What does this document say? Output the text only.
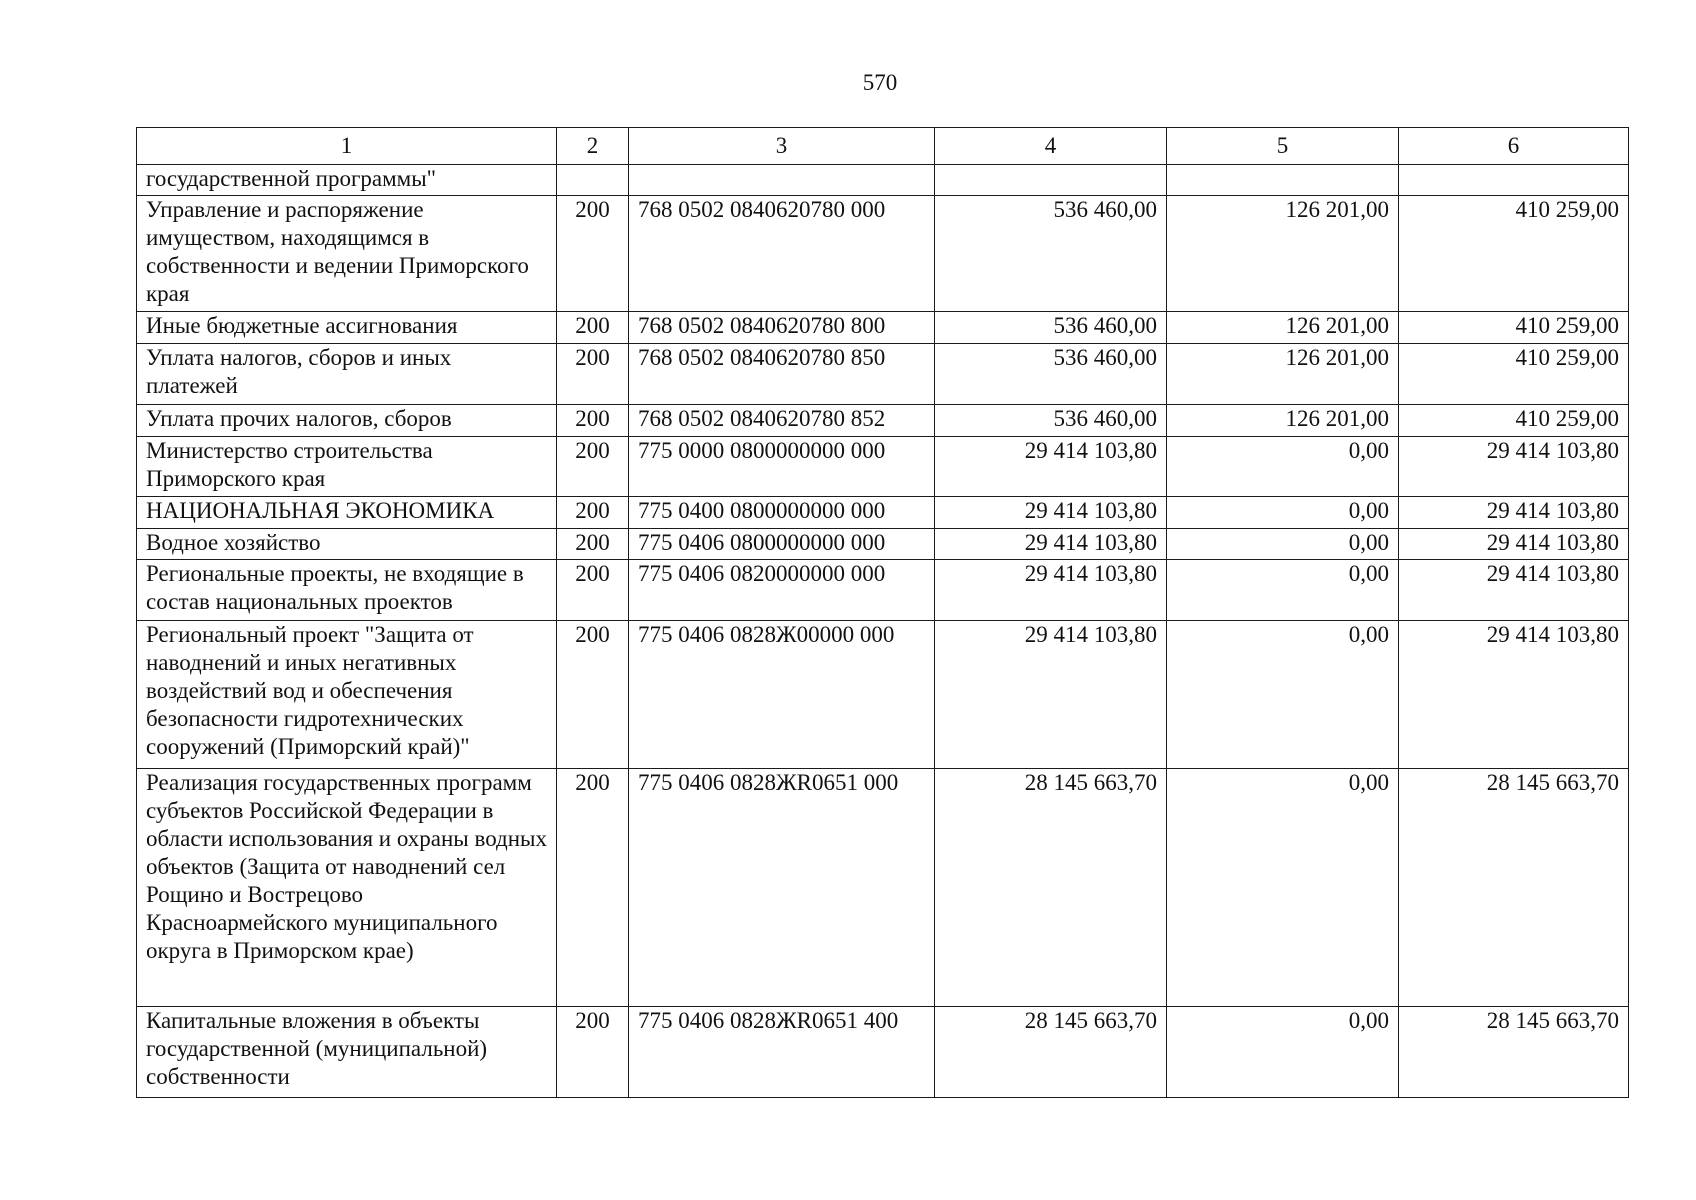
570
1	2	3	4	5	6
государственной программы"					
Управление и распоряжение имуществом, находящимся в собственности и ведении Приморского края	200	768 0502 0840620780 000	536 460,00	126 201,00	410 259,00
Иные бюджетные ассигнования	200	768 0502 0840620780 800	536 460,00	126 201,00	410 259,00
Уплата налогов, сборов и иных платежей	200	768 0502 0840620780 850	536 460,00	126 201,00	410 259,00
Уплата прочих налогов, сборов	200	768 0502 0840620780 852	536 460,00	126 201,00	410 259,00
Министерство строительства Приморского края	200	775 0000 0800000000 000	29 414 103,80	0,00	29 414 103,80
НАЦИОНАЛЬНАЯ ЭКОНОМИКА	200	775 0400 0800000000 000	29 414 103,80	0,00	29 414 103,80
Водное хозяйство	200	775 0406 0800000000 000	29 414 103,80	0,00	29 414 103,80
Региональные проекты, не входящие в состав национальных проектов	200	775 0406 0820000000 000	29 414 103,80	0,00	29 414 103,80
Региональный проект "Защита от наводнений и иных негативных воздействий вод и обеспечения безопасности гидротехнических сооружений (Приморский край)"	200	775 0406 0828Ж00000 000	29 414 103,80	0,00	29 414 103,80
Реализация государственных программ субъектов Российской Федерации в области использования и охраны водных объектов (Защита от наводнений сел Рощино и Вострецово Красноармейского муниципального округа в Приморском крае)	200	775 0406 0828ЖR0651 000	28 145 663,70	0,00	28 145 663,70
Капитальные вложения в объекты государственной (муниципальной) собственности	200	775 0406 0828ЖR0651 400	28 145 663,70	0,00	28 145 663,70
